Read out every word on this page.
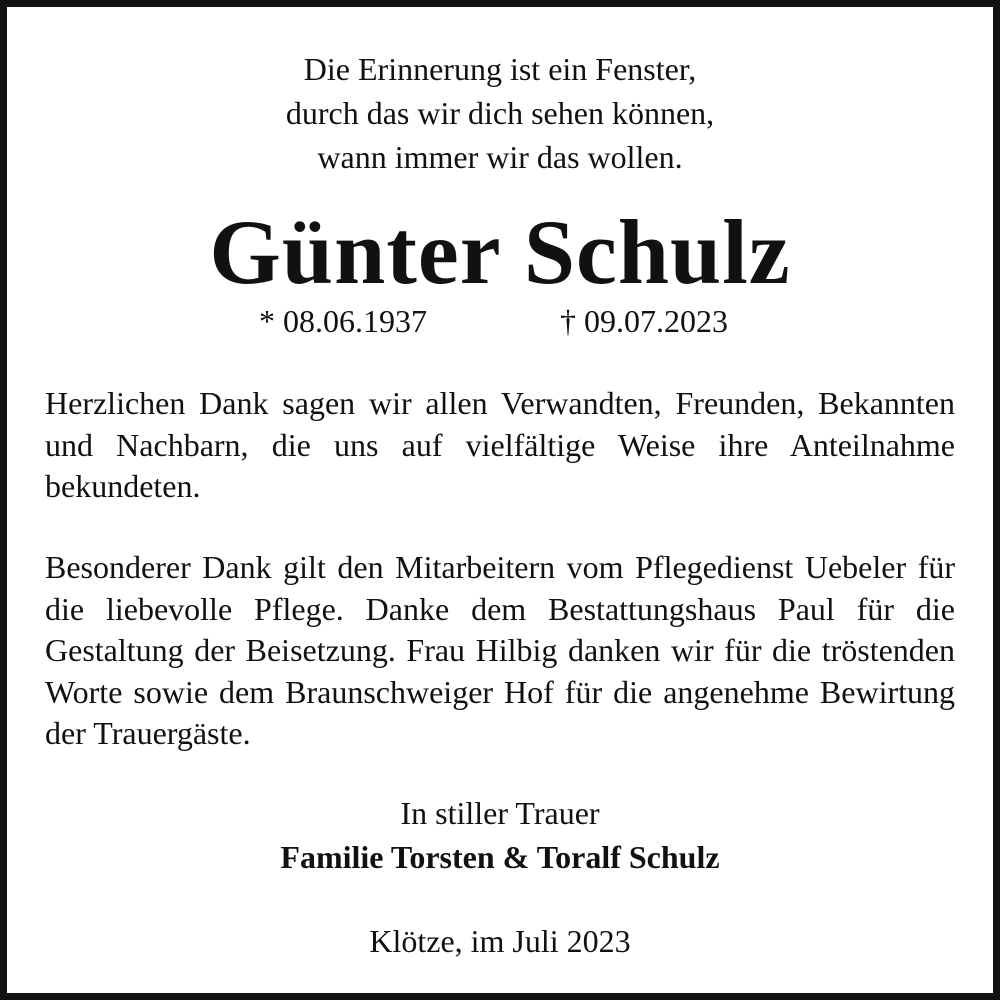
Die Erinnerung ist ein Fenster,
durch das wir dich sehen können,
wann immer wir das wollen.
Günter Schulz
* 08.06.1937	† 09.07.2023
Herzlichen Dank sagen wir allen Verwandten, Freunden, Bekannten und Nachbarn, die uns auf vielfältige Weise ihre Anteilnahme bekundeten.
Besonderer Dank gilt den Mitarbeitern vom Pflegedienst Uebeler für die liebevolle Pflege. Danke dem Bestattungshaus Paul für die Gestaltung der Beisetzung. Frau Hilbig danken wir für die tröstenden Worte sowie dem Braunschweiger Hof für die angenehme Bewirtung der Trauergäste.
In stiller Trauer
Familie Torsten & Toralf Schulz
Klötze, im Juli 2023
